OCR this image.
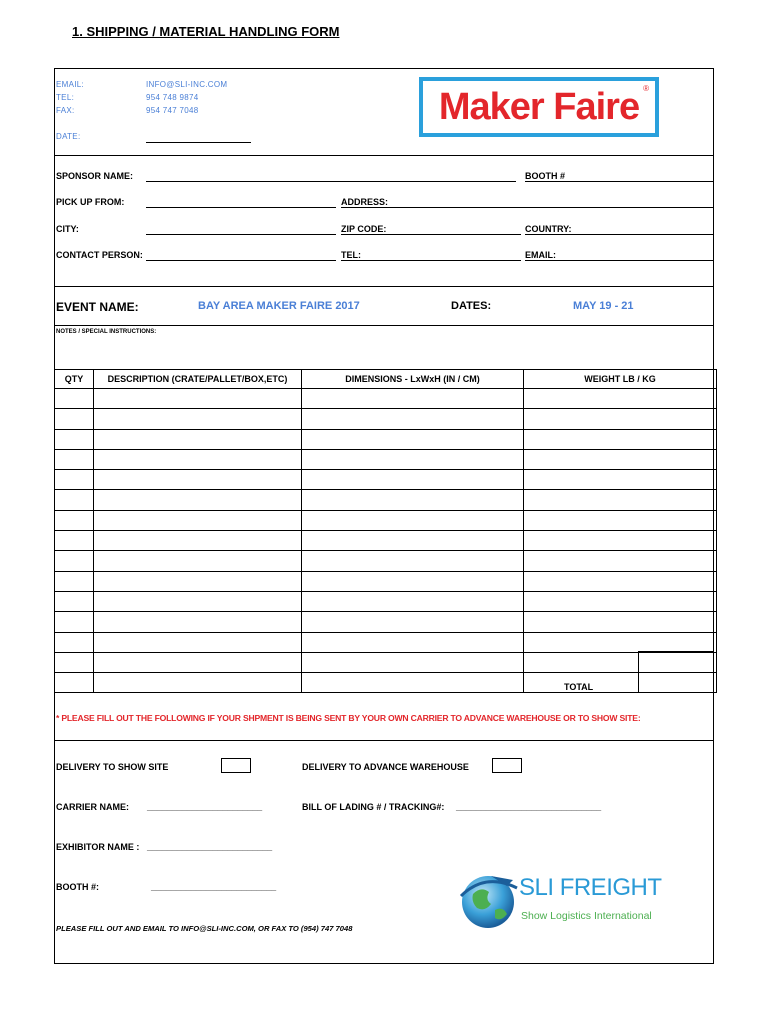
1. SHIPPING / MATERIAL HANDLING FORM
EMAIL:	INFO@SLI-INC.COM
TEL:	954 748 9874
FAX:	954 747 7048
DATE:
Maker Faire ®
SPONSOR NAME:	BOOTH #
PICK UP FROM:	ADDRESS:
CITY:	ZIP CODE:	COUNTRY:
CONTACT PERSON:	TEL:	EMAIL:
EVENT NAME:	BAY AREA MAKER FAIRE 2017	DATES:	MAY 19 - 21
NOTES / SPECIAL INSTRUCTIONS:
QTY	DESCRIPTION (CRATE/PALLET/BOX,ETC)	DIMENSIONS - LxWxH (IN / CM)	WEIGHT LB / KG

TOTAL
* PLEASE FILL OUT THE FOLLOWING IF YOUR SHPMENT IS BEING SENT BY YOUR OWN CARRIER TO ADVANCE WAREHOUSE OR TO SHOW SITE:
DELIVERY TO SHOW SITE	DELIVERY TO ADVANCE WAREHOUSE
CARRIER NAME: _______________________	BILL OF LADING # / TRACKING#: _____________________________
EXHIBITOR NAME : _________________________
BOOTH #:	_________________________
PLEASE FILL OUT AND EMAIL TO INFO@SLI-INC.COM, OR FAX TO (954) 747 7048
SLI FREIGHT
Show Logistics International
